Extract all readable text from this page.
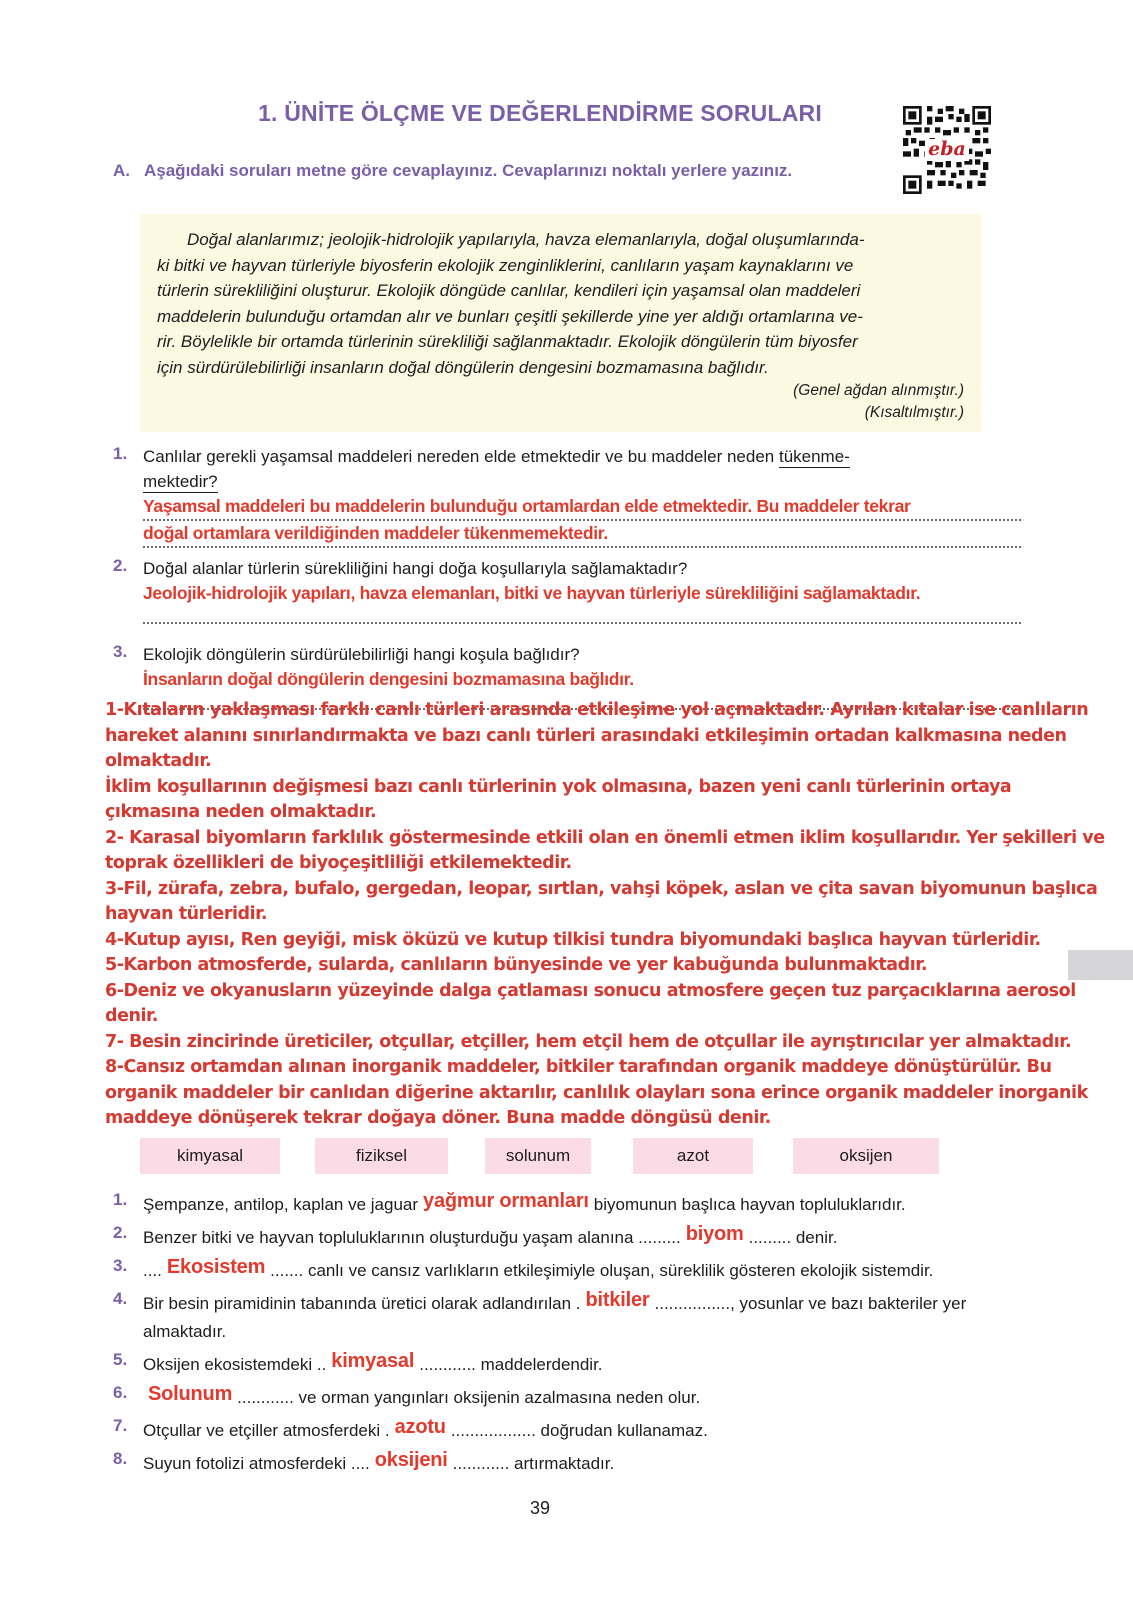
1. ÜNİTE ÖLÇME VE DEĞERLENDİRME SORULARI
eba
A. Aşağıdaki soruları metne göre cevaplayınız. Cevaplarınızı noktalı yerlere yazınız.
Doğal alanlarımız; jeolojik-hidrolojik yapılarıyla, havza elemanlarıyla, doğal oluşumlarında-
ki bitki ve hayvan türleriyle biyosferin ekolojik zenginliklerini, canlıların yaşam kaynaklarını ve
türlerin sürekliliğini oluşturur. Ekolojik döngüde canlılar, kendileri için yaşamsal olan maddeleri
maddelerin bulunduğu ortamdan alır ve bunları çeşitli şekillerde yine yer aldığı ortamlarına ve-
rir. Böylelikle bir ortamda türlerinin sürekliliği sağlanmaktadır. Ekolojik döngülerin tüm biyosfer
için sürdürülebilirliği insanların doğal döngülerin dengesini bozmamasına bağlıdır.
(Genel ağdan alınmıştır.)
(Kısaltılmıştır.)
1. Canlılar gerekli yaşamsal maddeleri nereden elde etmektedir ve bu maddeler neden tükenme-
mektedir?
Yaşamsal maddeleri bu maddelerin bulunduğu ortamlardan elde etmektedir. Bu maddeler tekrar
doğal ortamlara verildiğinden maddeler tükenmemektedir.
2. Doğal alanlar türlerin sürekliliğini hangi doğa koşullarıyla sağlamaktadır?
Jeolojik-hidrolojik yapıları, havza elemanları, bitki ve hayvan türleriyle sürekliliğini sağlamaktadır.
3. Ekolojik döngülerin sürdürülebilirliği hangi koşula bağlıdır?
İnsanların doğal döngülerin dengesini bozmamasına bağlıdır.

1-Kıtaların yaklaşması farklı canlı türleri arasında etkileşime yol açmaktadır. Ayrılan kıtalar ise canlıların hareket alanını sınırlandırmakta ve bazı canlı türleri arasındaki etkileşimin ortadan kalkmasına neden olmaktadır.

İklim koşullarının değişmesi bazı canlı türlerinin yok olmasına, bazen yeni canlı türlerinin ortaya çıkmasına neden olmaktadır.

2- Karasal biyomların farklılık göstermesinde etkili olan en önemli etmen iklim koşullarıdır. Yer şekilleri ve toprak özellikleri de biyoçeşitliliği etkilemektedir.

3-Fil, zürafa, zebra, bufalo, gergedan, leopar, sırtlan, vahşi köpek, aslan ve çita savan biyomunun başlıca hayvan türleridir.

4-Kutup ayısı, Ren geyiği, misk öküzü ve kutup tilkisi tundra biyomundaki başlıca hayvan türleridir.

5-Karbon atmosferde, sularda, canlıların bünyesinde ve yer kabuğunda bulunmaktadır.

6-Deniz ve okyanusların yüzeyinde dalga çatlaması sonucu atmosfere geçen tuz parçacıklarına aerosol denir.

7- Besin zincirinde üreticiler, otçullar, etçiller, hem etçil hem de otçullar ile ayrıştırıcılar yer almaktadır.

8-Cansız ortamdan alınan inorganik maddeler, bitkiler tarafından organik maddeye dönüştürülür. Bu organik maddeler bir canlıdan diğerine aktarılır, canlılık olayları sona erince organik maddeler inorganik maddeye dönüşerek tekrar doğaya döner. Buna madde döngüsü denir.

kimyasal	fiziksel	solunum	azot	oksijen
1. Şempanze, antilop, kaplan ve jaguar yağmur ormanları biyomunun başlıca hayvan topluluklarıdır.
2. Benzer bitki ve hayvan topluluklarının oluşturduğu yaşam alanına ......... biyom ......... denir.
3. .... Ekosistem ....... canlı ve cansız varlıkların etkileşimiyle oluşan, süreklilik gösteren ekolojik sistemdir.
4. Bir besin piramidinin tabanında üretici olarak adlandırılan . bitkiler ................, yosunlar ve bazı bakteriler yer almaktadır.
5. Oksijen ekosistemdeki .. kimyasal ............ maddelerdendir.
6.	Solunum ............ ve orman yangınları oksijenin azalmasına neden olur.
7. Otçullar ve etçiller atmosferdeki . azotu .................. doğrudan kullanamaz.
8. Suyun fotolizi atmosferdeki .... oksijeni ............ artırmaktadır.
39
